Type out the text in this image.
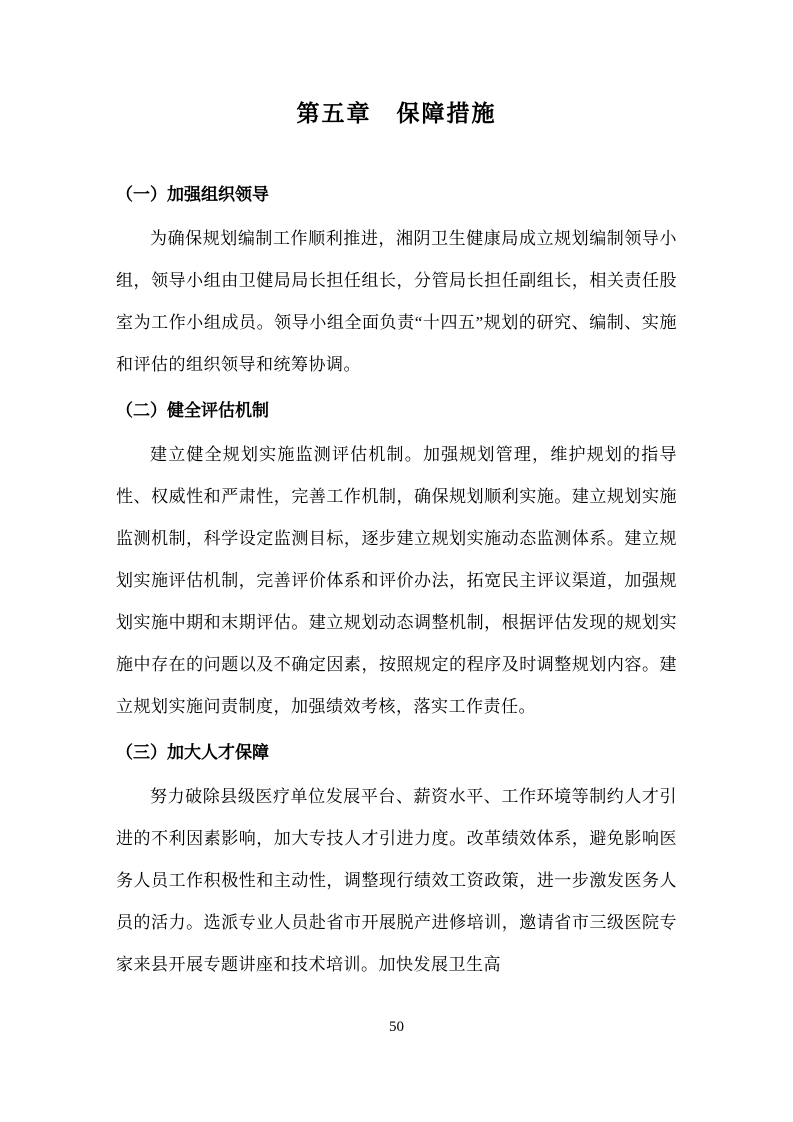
第五章　保障措施
（一）加强组织领导

为确保规划编制工作顺利推进，湘阴卫生健康局成立规划编制领导小组，领导小组由卫健局局长担任组长，分管局长担任副组长，相关责任股室为工作小组成员。领导小组全面负责“十四五”规划的研究、编制、实施和评估的组织领导和统筹协调。

（二）健全评估机制

建立健全规划实施监测评估机制。加强规划管理，维护规划的指导性、权威性和严肃性，完善工作机制，确保规划顺利实施。建立规划实施监测机制，科学设定监测目标，逐步建立规划实施动态监测体系。建立规划实施评估机制，完善评价体系和评价办法，拓宽民主评议渠道，加强规划实施中期和末期评估。建立规划动态调整机制，根据评估发现的规划实施中存在的问题以及不确定因素，按照规定的程序及时调整规划内容。建立规划实施问责制度，加强绩效考核，落实工作责任。

（三）加大人才保障

努力破除县级医疗单位发展平台、薪资水平、工作环境等制约人才引进的不利因素影响，加大专技人才引进力度。改革绩效体系，避免影响医务人员工作积极性和主动性，调整现行绩效工资政策，进一步激发医务人员的活力。选派专业人员赴省市开展脱产进修培训，邀请省市三级医院专家来县开展专题讲座和技术培训。加快发展卫生高

50
